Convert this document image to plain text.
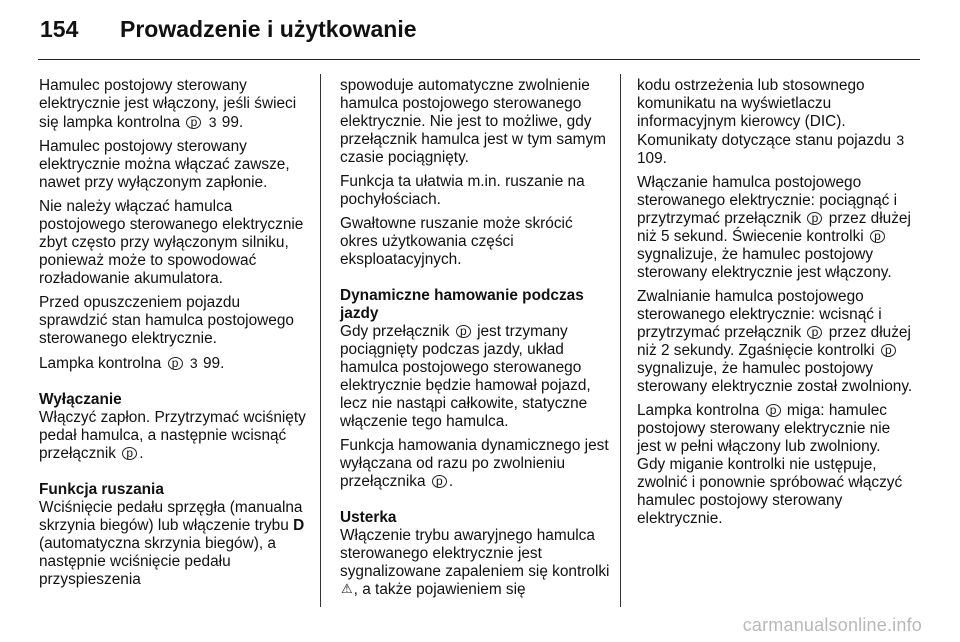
154	Prowadzenie i użytkowanie

Hamulec postojowy sterowany elektrycznie jest włączony, jeśli świeci się lampka kontrolna p 3 99.

Hamulec postojowy sterowany elektrycznie można włączać zawsze, nawet przy wyłączonym zapłonie.

Nie należy włączać hamulca postojowego sterowanego elektrycznie zbyt często przy wyłączonym silniku, ponieważ może to spowodować rozładowanie akumulatora.

Przed opuszczeniem pojazdu sprawdzić stan hamulca postojowego sterowanego elektrycznie.

Lampka kontrolna p 3 99.

Wyłączanie

Włączyć zapłon. Przytrzymać wciśnięty pedał hamulca, a następnie wcisnąć przełącznik p .

Funkcja ruszania

Wciśnięcie pedału sprzęgła (manualna skrzynia biegów) lub włączenie trybu D (automatyczna skrzynia biegów), a następnie wciśnięcie pedału przyspieszenia

spowoduje automatyczne zwolnienie hamulca postojowego sterowanego elektrycznie. Nie jest to możliwe, gdy przełącznik hamulca jest w tym samym czasie pociągnięty.

Funkcja ta ułatwia m.in. ruszanie na pochyłościach.

Gwałtowne ruszanie może skrócić okres użytkowania części eksploatacyjnych.

Dynamiczne hamowanie podczas jazdy

Gdy przełącznik p jest trzymany pociągnięty podczas jazdy, układ hamulca postojowego sterowanego elektrycznie będzie hamował pojazd, lecz nie nastąpi całkowite, statyczne włączenie tego hamulca.

Funkcja hamowania dynamicznego jest wyłączana od razu po zwolnieniu przełącznika p .

Usterka

Włączenie trybu awaryjnego hamulca sterowanego elektrycznie jest sygnalizowane zapaleniem się kontrolki ⚠, a także pojawieniem się

kodu ostrzeżenia lub stosownego komunikatu na wyświetlaczu informacyjnym kierowcy (DIC). Komunikaty dotyczące stanu pojazdu 3 109.

Włączanie hamulca postojowego sterowanego elektrycznie: pociągnąć i przytrzymać przełącznik p przez dłużej niż 5 sekund. Świecenie kontrolki p sygnalizuje, że hamulec postojowy sterowany elektrycznie jest włączony.

Zwalnianie hamulca postojowego sterowanego elektrycznie: wcisnąć i przytrzymać przełącznik p przez dłużej niż 2 sekundy. Zgaśnięcie kontrolki p sygnalizuje, że hamulec postojowy sterowany elektrycznie został zwolniony.

Lampka kontrolna p miga: hamulec postojowy sterowany elektrycznie nie jest w pełni włączony lub zwolniony. Gdy miganie kontrolki nie ustępuje, zwolnić i ponownie spróbować włączyć hamulec postojowy sterowany elektrycznie.

carmanualsonline.info
